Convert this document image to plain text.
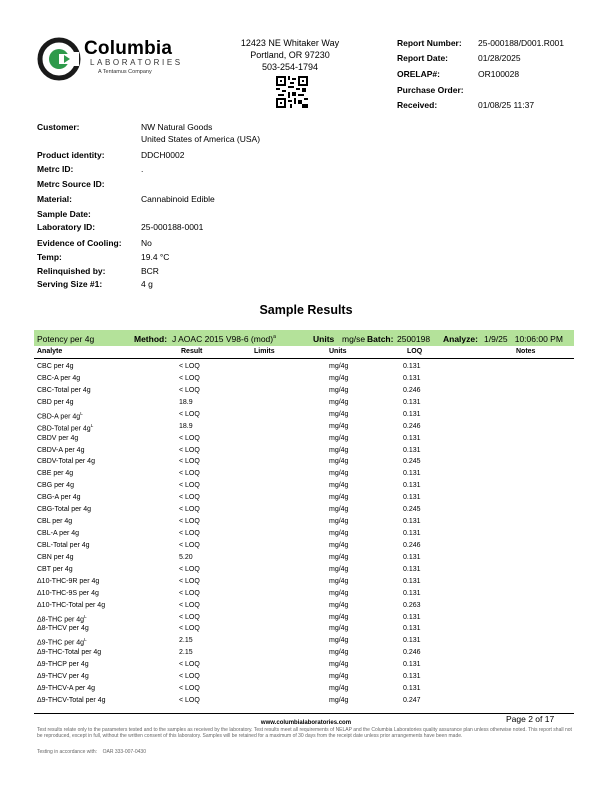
Columbia
LABORATORIES
A Tentamus Company
12423 NE Whitaker Way
Portland, OR 97230
503-254-1794
Report Number: 25-000188/D001.R001
Report Date:	01/28/2025
ORELAP#:	OR100028
Purchase Order:
Received:	01/08/25 11:37
Customer:	NW Natural Goods
United States of America (USA)
Product identity:	DDCH0002
Metrc ID:	.
Metrc Source ID:
Material:	Cannabinoid Edible
Sample Date:
Laboratory ID:	25-000188-0001
Evidence of Cooling: No
Temp:	19.4 °C
Relinquished by:	BCR
Serving Size #1:	4 g
Sample Results
Potency per 4g	Method: J AOAC 2015 V98-6 (mod)$^a$	Units mg/se Batch: 2500198 Analyze: 1/9/25   10:06:00 PM
Analyte	Result	Limits	Units	LOQ	Notes
CBC per 4g	< LOQ	mg/4g	0.131
CBC-A per 4g	< LOQ	mg/4g	0.131
CBC-Total per 4g	< LOQ	mg/4g	0.246
CBD per 4g	18.9	mg/4g	0.131
CBD-A per $4g^L$	< LOQ	mg/4g	0.131
CBD-Total per $4g^L$	18.9	mg/4g	0.246
CBDV per 4g	< LOQ	mg/4g	0.131
CBDV-A per 4g	< LOQ	mg/4g	0.131
CBDV-Total per 4g	< LOQ	mg/4g	0.245
CBE per 4g	< LOQ	mg/4g	0.131
CBG per 4g	< LOQ	mg/4g	0.131
CBG-A per 4g	< LOQ	mg/4g	0.131
CBG-Total per 4g	< LOQ	mg/4g	0.245
CBL per 4g	< LOQ	mg/4g	0.131
CBL-A per 4g	< LOQ	mg/4g	0.131
CBL-Total per 4g	< LOQ	mg/4g	0.246
CBN per 4g	5.20	mg/4g	0.131
CBT per 4g	< LOQ	mg/4g	0.131
Δ10-THC-9R per 4g	< LOQ	mg/4g	0.131
Δ10-THC-9S per 4g	< LOQ	mg/4g	0.131
Δ10-THC-Total per 4g	< LOQ	mg/4g	0.263
Δ8-THC per $4g^L$	< LOQ	mg/4g	0.131
Δ8-THCV per 4g	< LOQ	mg/4g	0.131
Δ9-THC per $4g^L$	2.15	mg/4g	0.131
Δ9-THC-Total per 4g	2.15	mg/4g	0.246
Δ9-THCP per 4g	< LOQ	mg/4g	0.131
Δ9-THCV per 4g	< LOQ	mg/4g	0.131
Δ9-THCV-A per 4g	< LOQ	mg/4g	0.131
Δ9-THCV-Total per 4g	< LOQ	mg/4g	0.247
Page 2 of 17
www.columbialaboratories.com
Test results relate only to the parameters tested and to the samples as received by the laboratory. Test results meet all requirements of NELAP and the Columbia Laboratories quality assurance plan unless otherwise noted. This report shall not be reproduced, except in full, without the written consent of this laboratory. Samples will be retained for a maximum of 30 days from the receipt date unless prior arrangements have been made.
Testing in accordance with: OAR 333-007-0430
